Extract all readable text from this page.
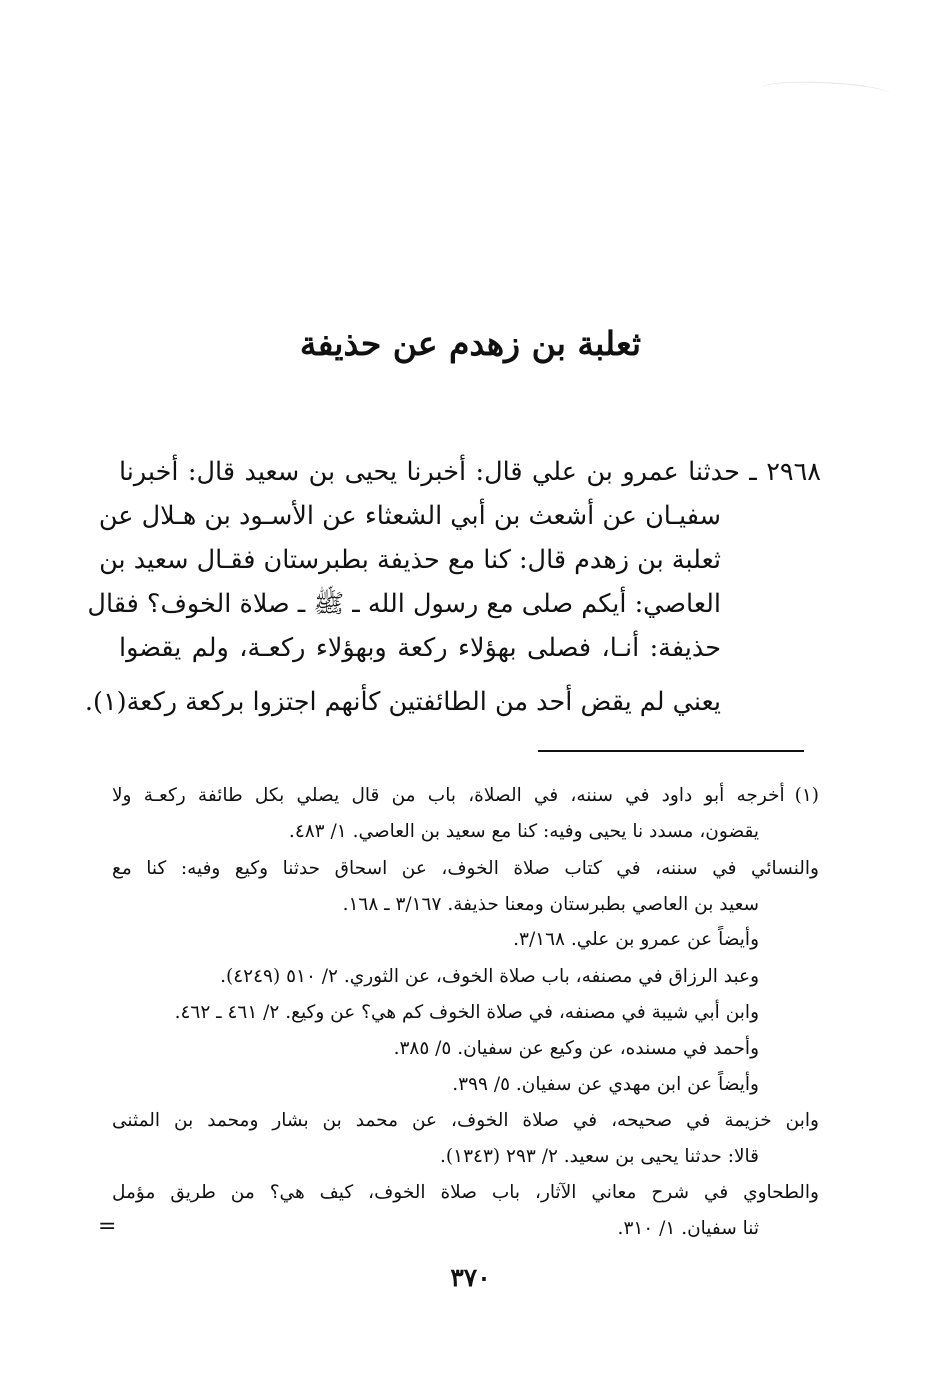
ثعلبة بن زهدم عن حذيفة
٢٩٦٨ ـ حدثنا عمرو بن علي قال: أخبرنا يحيى بن سعيد قال: أخبرنا
سفيـان عن أشعث بن أبي الشعثاء عن الأسـود بن هـلال عن
ثعلبة بن زهدم قال: كنا مع حذيفة بطبرستان فقـال سعيد بن
العاصي: أيكم صلى مع رسول الله ـ ﷺ ـ صلاة الخوف؟ فقال
حذيفة: أنـا، فصلى بهؤلاء ركعة وبهؤلاء ركعـة، ولم يقضوا
يعني لم يقض أحد من الطائفتين كأنهم اجتزوا بركعة ركعة(١).
(١)أخرجه أبو داود في سننه، في الصلاة، باب من قال يصلي بكل طائفة ركعـة ولا
يقضون، مسدد نا يحيى وفيه: كنا مع سعيد بن العاصي. ١/ ٤٨٣.
والنسائي في سننه، في كتاب صلاة الخوف، عن اسحاق حدثنا وكيع وفيه: كنا مع
سعيد بن العاصي بطبرستان ومعنا حذيفة. ٣/١٦٧ ـ ١٦٨.
وأيضاً عن عمرو بن علي. ٣/١٦٨.
وعبد الرزاق في مصنفه، باب صلاة الخوف، عن الثوري. ٢/ ٥١٠ (٤٢٤٩).
وابن أبي شيبة في مصنفه، في صلاة الخوف كم هي؟ عن وكيع. ٢/ ٤٦١ ـ ٤٦٢.
وأحمد في مسنده، عن وكيع عن سفيان. ٥/ ٣٨٥.
وأيضاً عن ابن مهدي عن سفيان. ٥/ ٣٩٩.
وابن خزيمة في صحيحه، في صلاة الخوف، عن محمد بن بشار ومحمد بن المثنى
قالا: حدثنا يحيى بن سعيد. ٢/ ٢٩٣ (١٣٤٣).
والطحاوي في شرح معاني الآثار، باب صلاة الخوف، كيف هي؟ من طريق مؤمل
ثنا سفيان. ١/ ٣١٠.
=
٣٧٠
